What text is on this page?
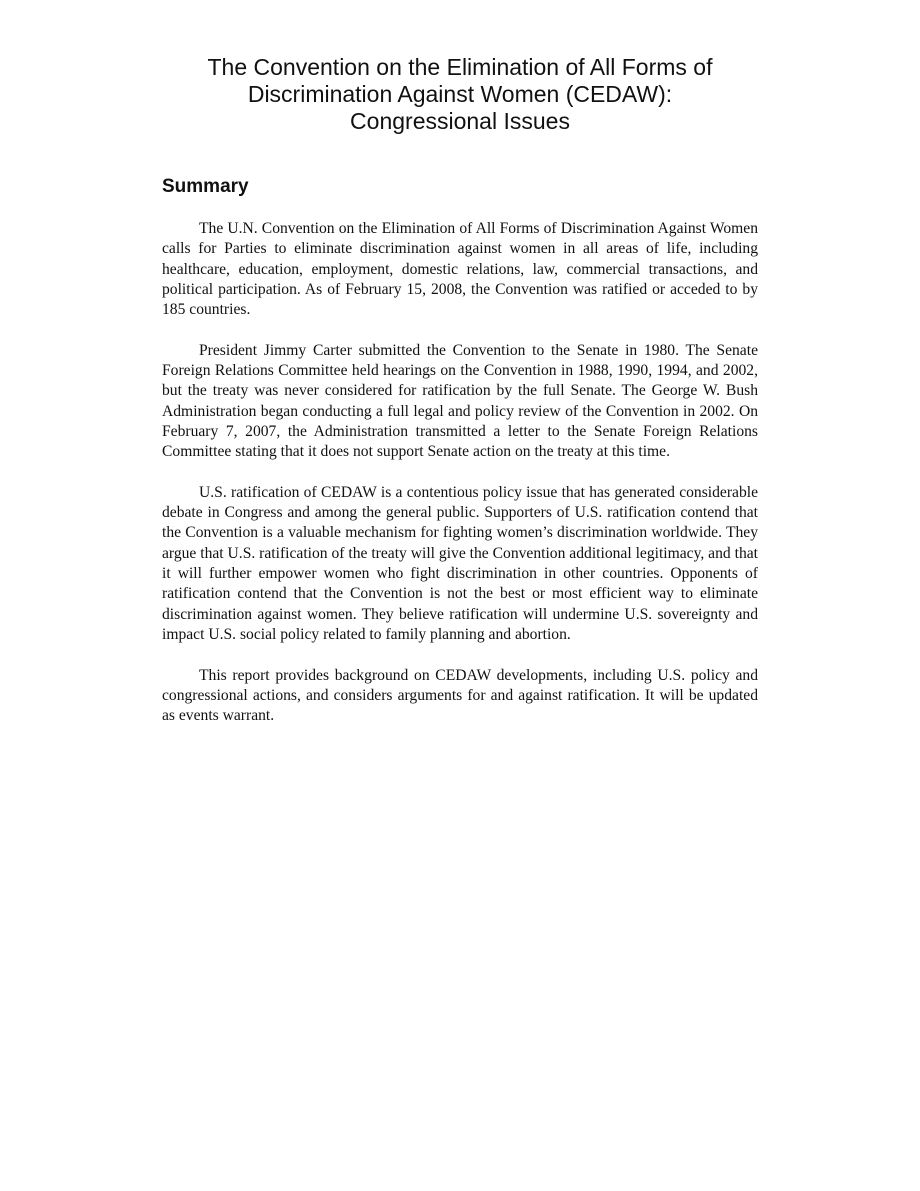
The Convention on the Elimination of All Forms of
Discrimination Against Women (CEDAW):
Congressional Issues
Summary

The U.N. Convention on the Elimination of All Forms of Discrimination Against Women calls for Parties to eliminate discrimination against women in all areas of life, including healthcare, education, employment, domestic relations, law, commercial transactions, and political participation. As of February 15, 2008, the Convention was ratified or acceded to by 185 countries.

President Jimmy Carter submitted the Convention to the Senate in 1980. The Senate Foreign Relations Committee held hearings on the Convention in 1988, 1990, 1994, and 2002, but the treaty was never considered for ratification by the full Senate. The George W. Bush Administration began conducting a full legal and policy review of the Convention in 2002. On February 7, 2007, the Administration transmitted a letter to the Senate Foreign Relations Committee stating that it does not support Senate action on the treaty at this time.

U.S. ratification of CEDAW is a contentious policy issue that has generated considerable debate in Congress and among the general public. Supporters of U.S. ratification contend that the Convention is a valuable mechanism for fighting women’s discrimination worldwide. They argue that U.S. ratification of the treaty will give the Convention additional legitimacy, and that it will further empower women who fight discrimination in other countries. Opponents of ratification contend that the Convention is not the best or most efficient way to eliminate discrimination against women. They believe ratification will undermine U.S. sovereignty and impact U.S. social policy related to family planning and abortion.

This report provides background on CEDAW developments, including U.S. policy and congressional actions, and considers arguments for and against ratification. It will be updated as events warrant.
